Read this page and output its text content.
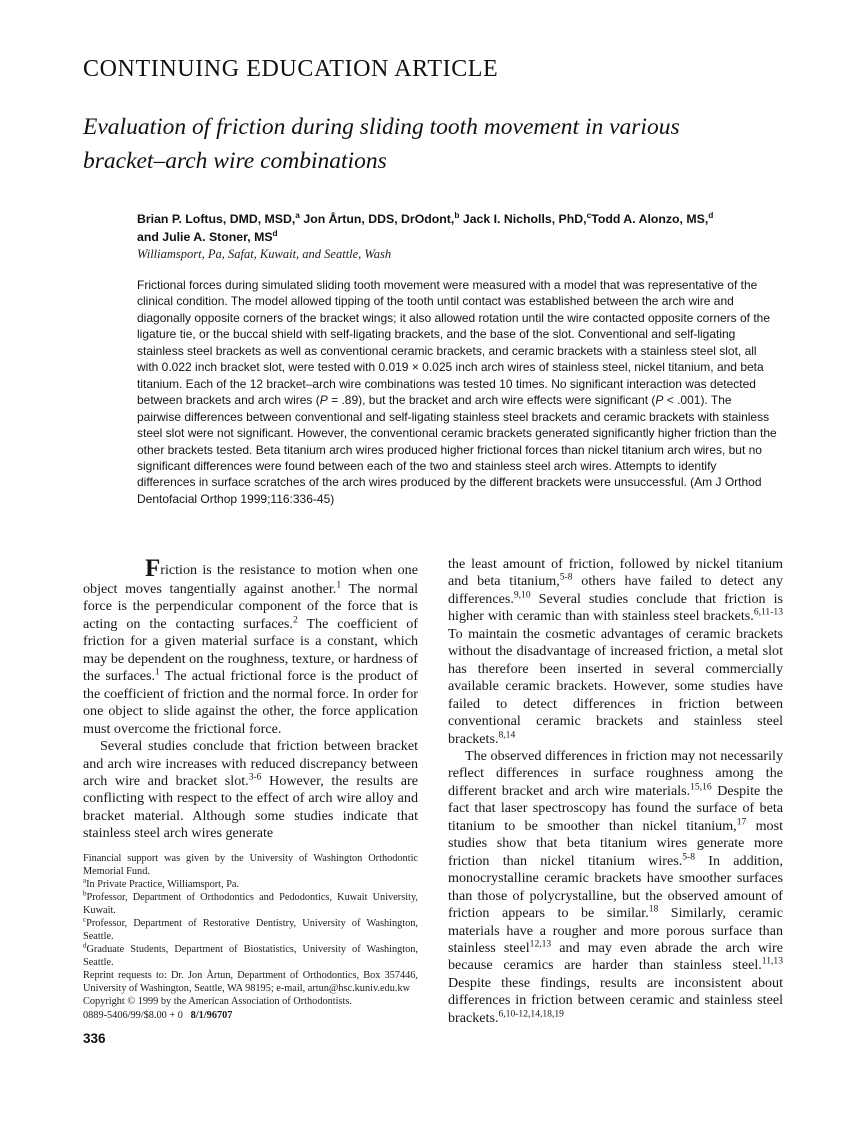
CONTINUING EDUCATION ARTICLE
Evaluation of friction during sliding tooth movement in various
bracket–arch wire combinations
Brian P. Loftus, DMD, MSD,$^a$ Jon Årtun, DDS, DrOdont,$^b$ Jack I. Nicholls, PhD,$^c$Todd A. Alonzo, MS,$^d$
and Julie A. Stoner, $MS^d$
Williamsport, Pa, Safat, Kuwait, and Seattle, Wash
Frictional forces during simulated sliding tooth movement were measured with a model that was representative of the clinical condition. The model allowed tipping of the tooth until contact was established between the arch wire and diagonally opposite corners of the bracket wings; it also allowed rotation until the wire contacted opposite corners of the ligature tie, or the buccal shield with self-ligating brackets, and the base of the slot. Conventional and self-ligating stainless steel brackets as well as conventional ceramic brackets, and ceramic brackets with a stainless steel slot, all with 0.022 inch bracket slot, were tested with 0.019 × 0.025 inch arch wires of stainless steel, nickel titanium, and beta titanium. Each of the 12 bracket–arch wire combinations was tested 10 times. No significant interaction was detected between brackets and arch wires (P = .89), but the bracket and arch wire effects were significant (P < .001). The pairwise differences between conventional and self-ligating stainless steel brackets and ceramic brackets with stainless steel slot were not significant. However, the conventional ceramic brackets generated significantly higher friction than the other brackets tested. Beta titanium arch wires produced higher frictional forces than nickel titanium arch wires, but no significant differences were found between each of the two and stainless steel arch wires. Attempts to identify differences in surface scratches of the arch wires produced by the different brackets were unsuccessful. (Am J Orthod Dentofacial Orthop 1999;116:336-45)

Friction is the resistance to motion when one object moves tangentially against another.$^1$ The normal force is the perpendicular component of the force that is acting on the contacting surfaces.$^2$ The coefficient of friction for a given material surface is a constant, which may be dependent on the roughness, texture, or hardness of the surfaces.$^1$ The actual frictional force is the product of the coefficient of friction and the normal force. In order for one object to slide against the other, the force application must overcome the frictional force.

Several studies conclude that friction between bracket and arch wire increases with reduced discrepancy between arch wire and bracket slot.$^{3-6}$ However, the results are conflicting with respect to the effect of arch wire alloy and bracket material. Although some studies indicate that stainless steel arch wires generate

the least amount of friction, followed by nickel titanium and beta titanium,$^{5-8}$ others have failed to detect any differences.$^{9,10}$ Several studies conclude that friction is higher with ceramic than with stainless steel brackets.$^{6,11-13}$ To maintain the cosmetic advantages of ceramic brackets without the disadvantage of increased friction, a metal slot has therefore been inserted in several commercially available ceramic brackets. However, some studies have failed to detect differences in friction between conventional ceramic brackets and stainless steel brackets.$^{8,14}$

The observed differences in friction may not necessarily reflect differences in surface roughness among the different bracket and arch wire materials.$^{15,16}$ Despite the fact that laser spectroscopy has found the surface of beta titanium to be smoother than nickel titanium,$^{17}$ most studies show that beta titanium wires generate more friction than nickel titanium wires.$^{5-8}$ In addition, monocrystalline ceramic brackets have smoother surfaces than those of polycrystalline, but the observed amount of friction appears to be similar.$^{18}$ Similarly, ceramic materials have a rougher and more porous surface than stainless steel$^{12,13}$ and may even abrade the arch wire because ceramics are harder than stainless steel.$^{11,13}$ Despite these findings, results are inconsistent about differences in friction between ceramic and stainless steel brackets.$^{6,10-12,14,18,19}$

Financial support was given by the University of Washington Orthodontic Memorial Fund.

$^a$In Private Practice, Williamsport, Pa.

$^b$Professor, Department of Orthodontics and Pedodontics, Kuwait University, Kuwait.

$^c$Professor, Department of Restorative Dentistry, University of Washington, Seattle.

$^d$Graduate Students, Department of Biostatistics, University of Washington, Seattle.

Reprint requests to: Dr. Jon Årtun, Department of Orthodontics, Box 357446, University of Washington, Seattle, WA 98195; e-mail, artun@hsc.kuniv.edu.kw

Copyright © 1999 by the American Association of Orthodontists.

0889-5406/99/$8.00 + 0 8/1/96707

336
